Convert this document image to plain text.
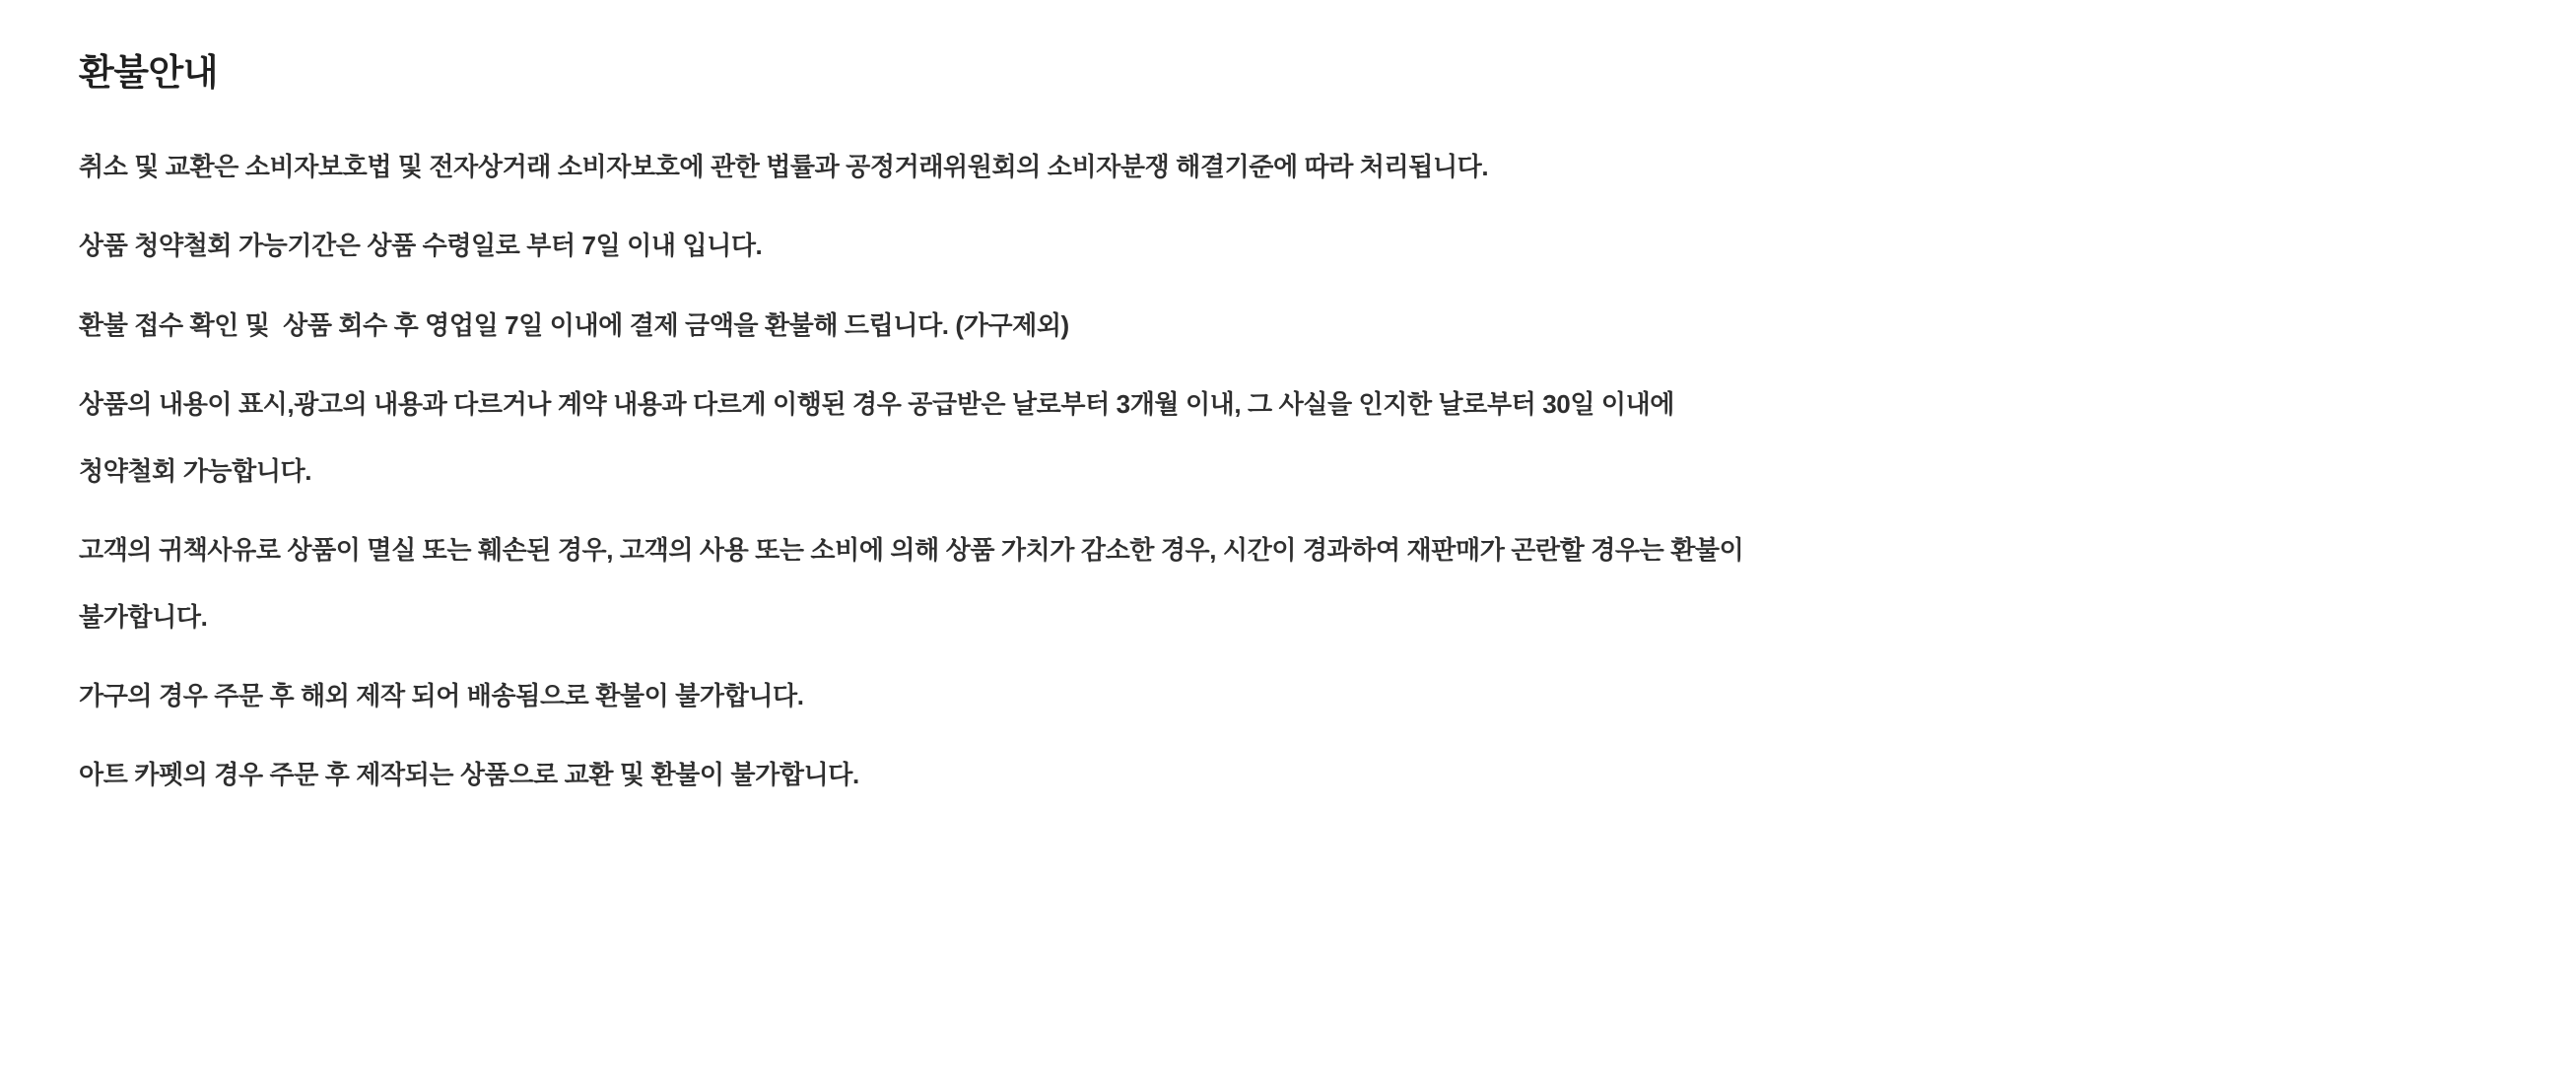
환불안내

취소 및 교환은 소비자보호법 및 전자상거래 소비자보호에 관한 법률과 공정거래위원회의 소비자분쟁 해결기준에 따라 처리됩니다.

상품 청약철회 가능기간은 상품 수령일로 부터 7일 이내 입니다.

환불 접수 확인 및  상품 회수 후 영업일 7일 이내에 결제 금액을 환불해 드립니다. (가구제외)

상품의 내용이 표시,광고의 내용과 다르거나 계약 내용과 다르게 이행된 경우 공급받은 날로부터 3개월 이내, 그 사실을 인지한 날로부터 30일 이내에

청약철회 가능합니다.

고객의 귀책사유로 상품이 멸실 또는 훼손된 경우, 고객의 사용 또는 소비에 의해 상품 가치가 감소한 경우, 시간이 경과하여 재판매가 곤란할 경우는 환불이

불가합니다.

가구의 경우 주문 후 해외 제작 되어 배송됨으로 환불이 불가합니다.

아트 카펫의 경우 주문 후 제작되는 상품으로 교환 및 환불이 불가합니다.
